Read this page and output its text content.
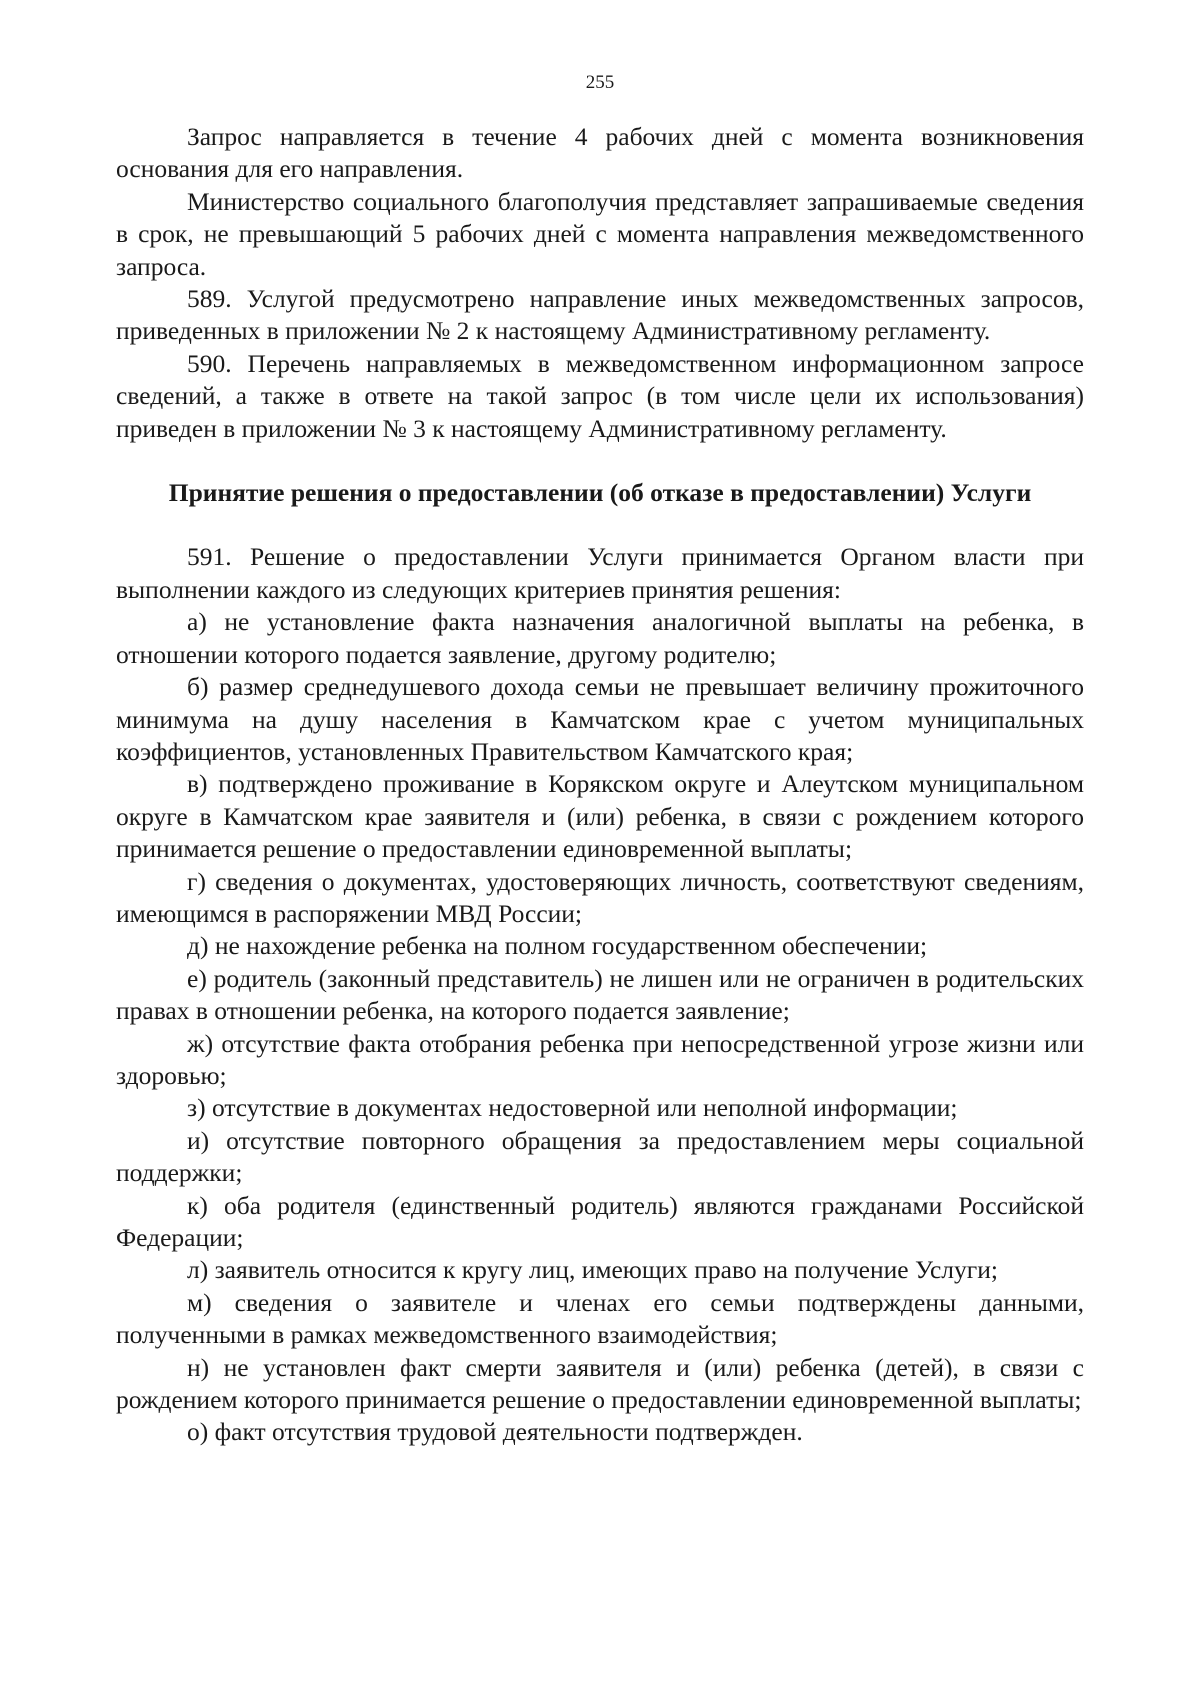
255

Запрос направляется в течение 4 рабочих дней с момента возникновения основания для его направления.

Министерство социального благополучия представляет запрашиваемые сведения в срок, не превышающий 5 рабочих дней с момента направления межведомственного запроса.

589. Услугой предусмотрено направление иных межведомственных запросов, приведенных в приложении № 2 к настоящему Административному регламенту.

590. Перечень направляемых в межведомственном информационном запросе сведений, а также в ответе на такой запрос (в том числе цели их использования) приведен в приложении № 3 к настоящему Административному регламенту.

Принятие решения о предоставлении (об отказе в предоставлении) Услуги

591. Решение о предоставлении Услуги принимается Органом власти при выполнении каждого из следующих критериев принятия решения:

а) не установление факта назначения аналогичной выплаты на ребенка, в отношении которого подается заявление, другому родителю;

б) размер среднедушевого дохода семьи не превышает величину прожиточного минимума на душу населения в Камчатском крае с учетом муниципальных коэффициентов, установленных Правительством Камчатского края;

в) подтверждено проживание в Корякском округе и Алеутском муниципальном округе в Камчатском крае заявителя и (или) ребенка, в связи с рождением которого принимается решение о предоставлении единовременной выплаты;

г) сведения о документах, удостоверяющих личность, соответствуют сведениям, имеющимся в распоряжении МВД России;

д) не нахождение ребенка на полном государственном обеспечении;

е) родитель (законный представитель) не лишен или не ограничен в родительских правах в отношении ребенка, на которого подается заявление;

ж) отсутствие факта отобрания ребенка при непосредственной угрозе жизни или здоровью;

з) отсутствие в документах недостоверной или неполной информации;

и) отсутствие повторного обращения за предоставлением меры социальной поддержки;

к) оба родителя (единственный родитель) являются гражданами Российской Федерации;

л) заявитель относится к кругу лиц, имеющих право на получение Услуги;

м) сведения о заявителе и членах его семьи подтверждены данными, полученными в рамках межведомственного взаимодействия;

н) не установлен факт смерти заявителя и (или) ребенка (детей), в связи с рождением которого принимается решение о предоставлении единовременной выплаты;

о) факт отсутствия трудовой деятельности подтвержден.
